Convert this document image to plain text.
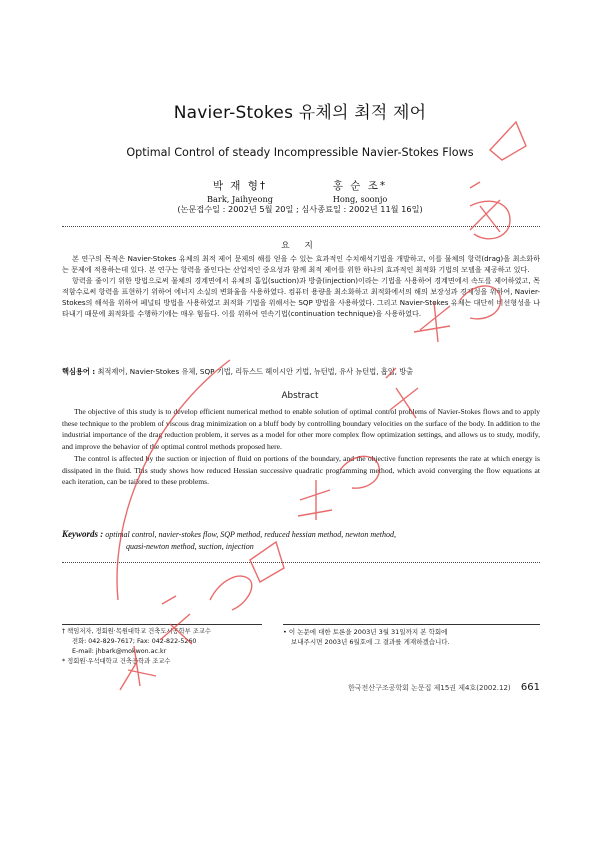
Navier-Stokes 유체의 최적 제어
Optimal Control of steady Incompressible Navier-Stokes Flows
박 재 형†
Bark, Jaihyeong
홍 순 조*
Hong, soonjo
(논문접수일 : 2002년 5월 20일 ; 심사종료일 : 2002년 11월 16일)
요 지

본 연구의 목적은 Navier-Stokes 유체의 최적 제어 문제의 해를 얻을 수 있는 효과적인 수치해석기법을 개발하고, 이를 물체의 항력(drag)을 최소화하는 문제에 적용하는데 있다. 본 연구는 항력을 줄인다는 산업적인 중요성과 함께 최적 제어를 위한 하나의 효과적인 최적화 기법의 모델을 제공하고 있다.

항력을 줄이기 위한 방법으로써 물체의 경계면에서 유체의 흡입(suction)과 방출(injection)이라는 기법을 사용하여 경계면에서 속도를 제어하였고, 목적함수로써 항력을 표현하기 위하여 에너지 소실의 변화율을 사용하였다. 컴퓨터 용량을 최소화하고 최적화에서의 해의 보장성과 경제성을 위하여, Navier-Stokes의 해석을 위하여 페널티 방법을 사용하였고 최적화 기법을 위해서는 SQP 방법을 사용하였다. 그리고 Navier-Stokes 유체는 대단히 비선형성을 나타내기 때문에 최적화를 수행하기에는 매우 힘들다. 이를 위하여 연속기법(continuation technique)을 사용하였다.

핵심용어 : 최적제어, Navier-Stokes 유체, SQP 기법, 리듀스드 헤이시안 기법, 뉴턴법, 유사 뉴턴법, 흡입, 방출
Abstract

The objective of this study is to develop efficient numerical method to enable solution of optimal control problems of Navier-Stokes flows and to apply these technique to the problem of viscous drag minimization on a bluff body by controlling boundary velocities on the surface of the body. In addition to the industrial importance of the drag reduction problem, it serves as a model for other more complex flow optimization settings, and allows us to study, modify, and improve the behavior of the optimal control methods proposed here.

The control is affected by the suction or injection of fluid on portions of the boundary, and the objective function represents the rate at which energy is dissipated in the fluid. This study shows how reduced Hessian successive quadratic programming method, which avoid converging the flow equations at each iteration, can be tailored to these problems.

Keywords : optimal control, navier-stokes flow, SQP method, reduced hessian method, newton method,
quasi-newton method, suction, injection
† 책임저자, 정회원·목원대학교 건축도시공학부 조교수
전화: 042-829-7617; Fax: 042-822-5260
E-mail: jhbark@mokwon.ac.kr
* 정회원·우석대학교 건축공학과 조교수
• 이 논문에 대한 토론을 2003년 3월 31일까지 본 학회에
보내주시면 2003년 6월호에 그 결과를 게재하겠습니다.
한국전산구조공학회 논문집 제15권 제4호(2002.12) 661
